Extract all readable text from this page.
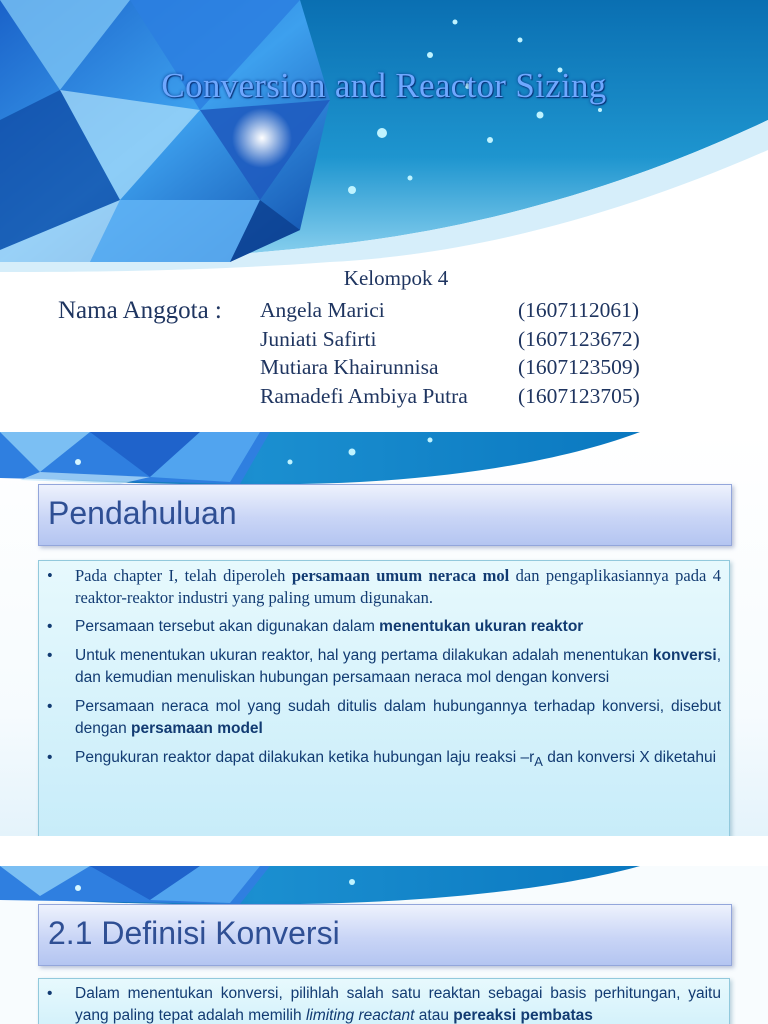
Conversion and Reactor Sizing
Kelompok 4
Nama Anggota : Angela Marici	(1607112061)
Juniati Safirti	(1607123672)
Mutiara Khairunnisa	(1607123509)
Ramadefi Ambiya Putra	(1607123705)
Pendahuluan
• Pada chapter I, telah diperoleh persamaan umum neraca mol dan pengaplikasiannya pada 4 reaktor-reaktor industri yang paling umum digunakan.
• Persamaan tersebut akan digunakan dalam menentukan ukuran reaktor
• Untuk menentukan ukuran reaktor, hal yang pertama dilakukan adalah menentukan konversi, dan kemudian menuliskan hubungan persamaan neraca mol dengan konversi
• Persamaan neraca mol yang sudah ditulis dalam hubungannya terhadap konversi, disebut dengan persamaan model
• Pengukuran reaktor dapat dilakukan ketika hubungan laju reaksi $-r_A$ dan konversi X diketahui
2.1 Definisi Konversi
• Dalam menentukan konversi, pilihlah salah satu reaktan sebagai basis perhitungan, yaitu yang paling tepat adalah memilih limiting reactant atau pereaksi pembatas
